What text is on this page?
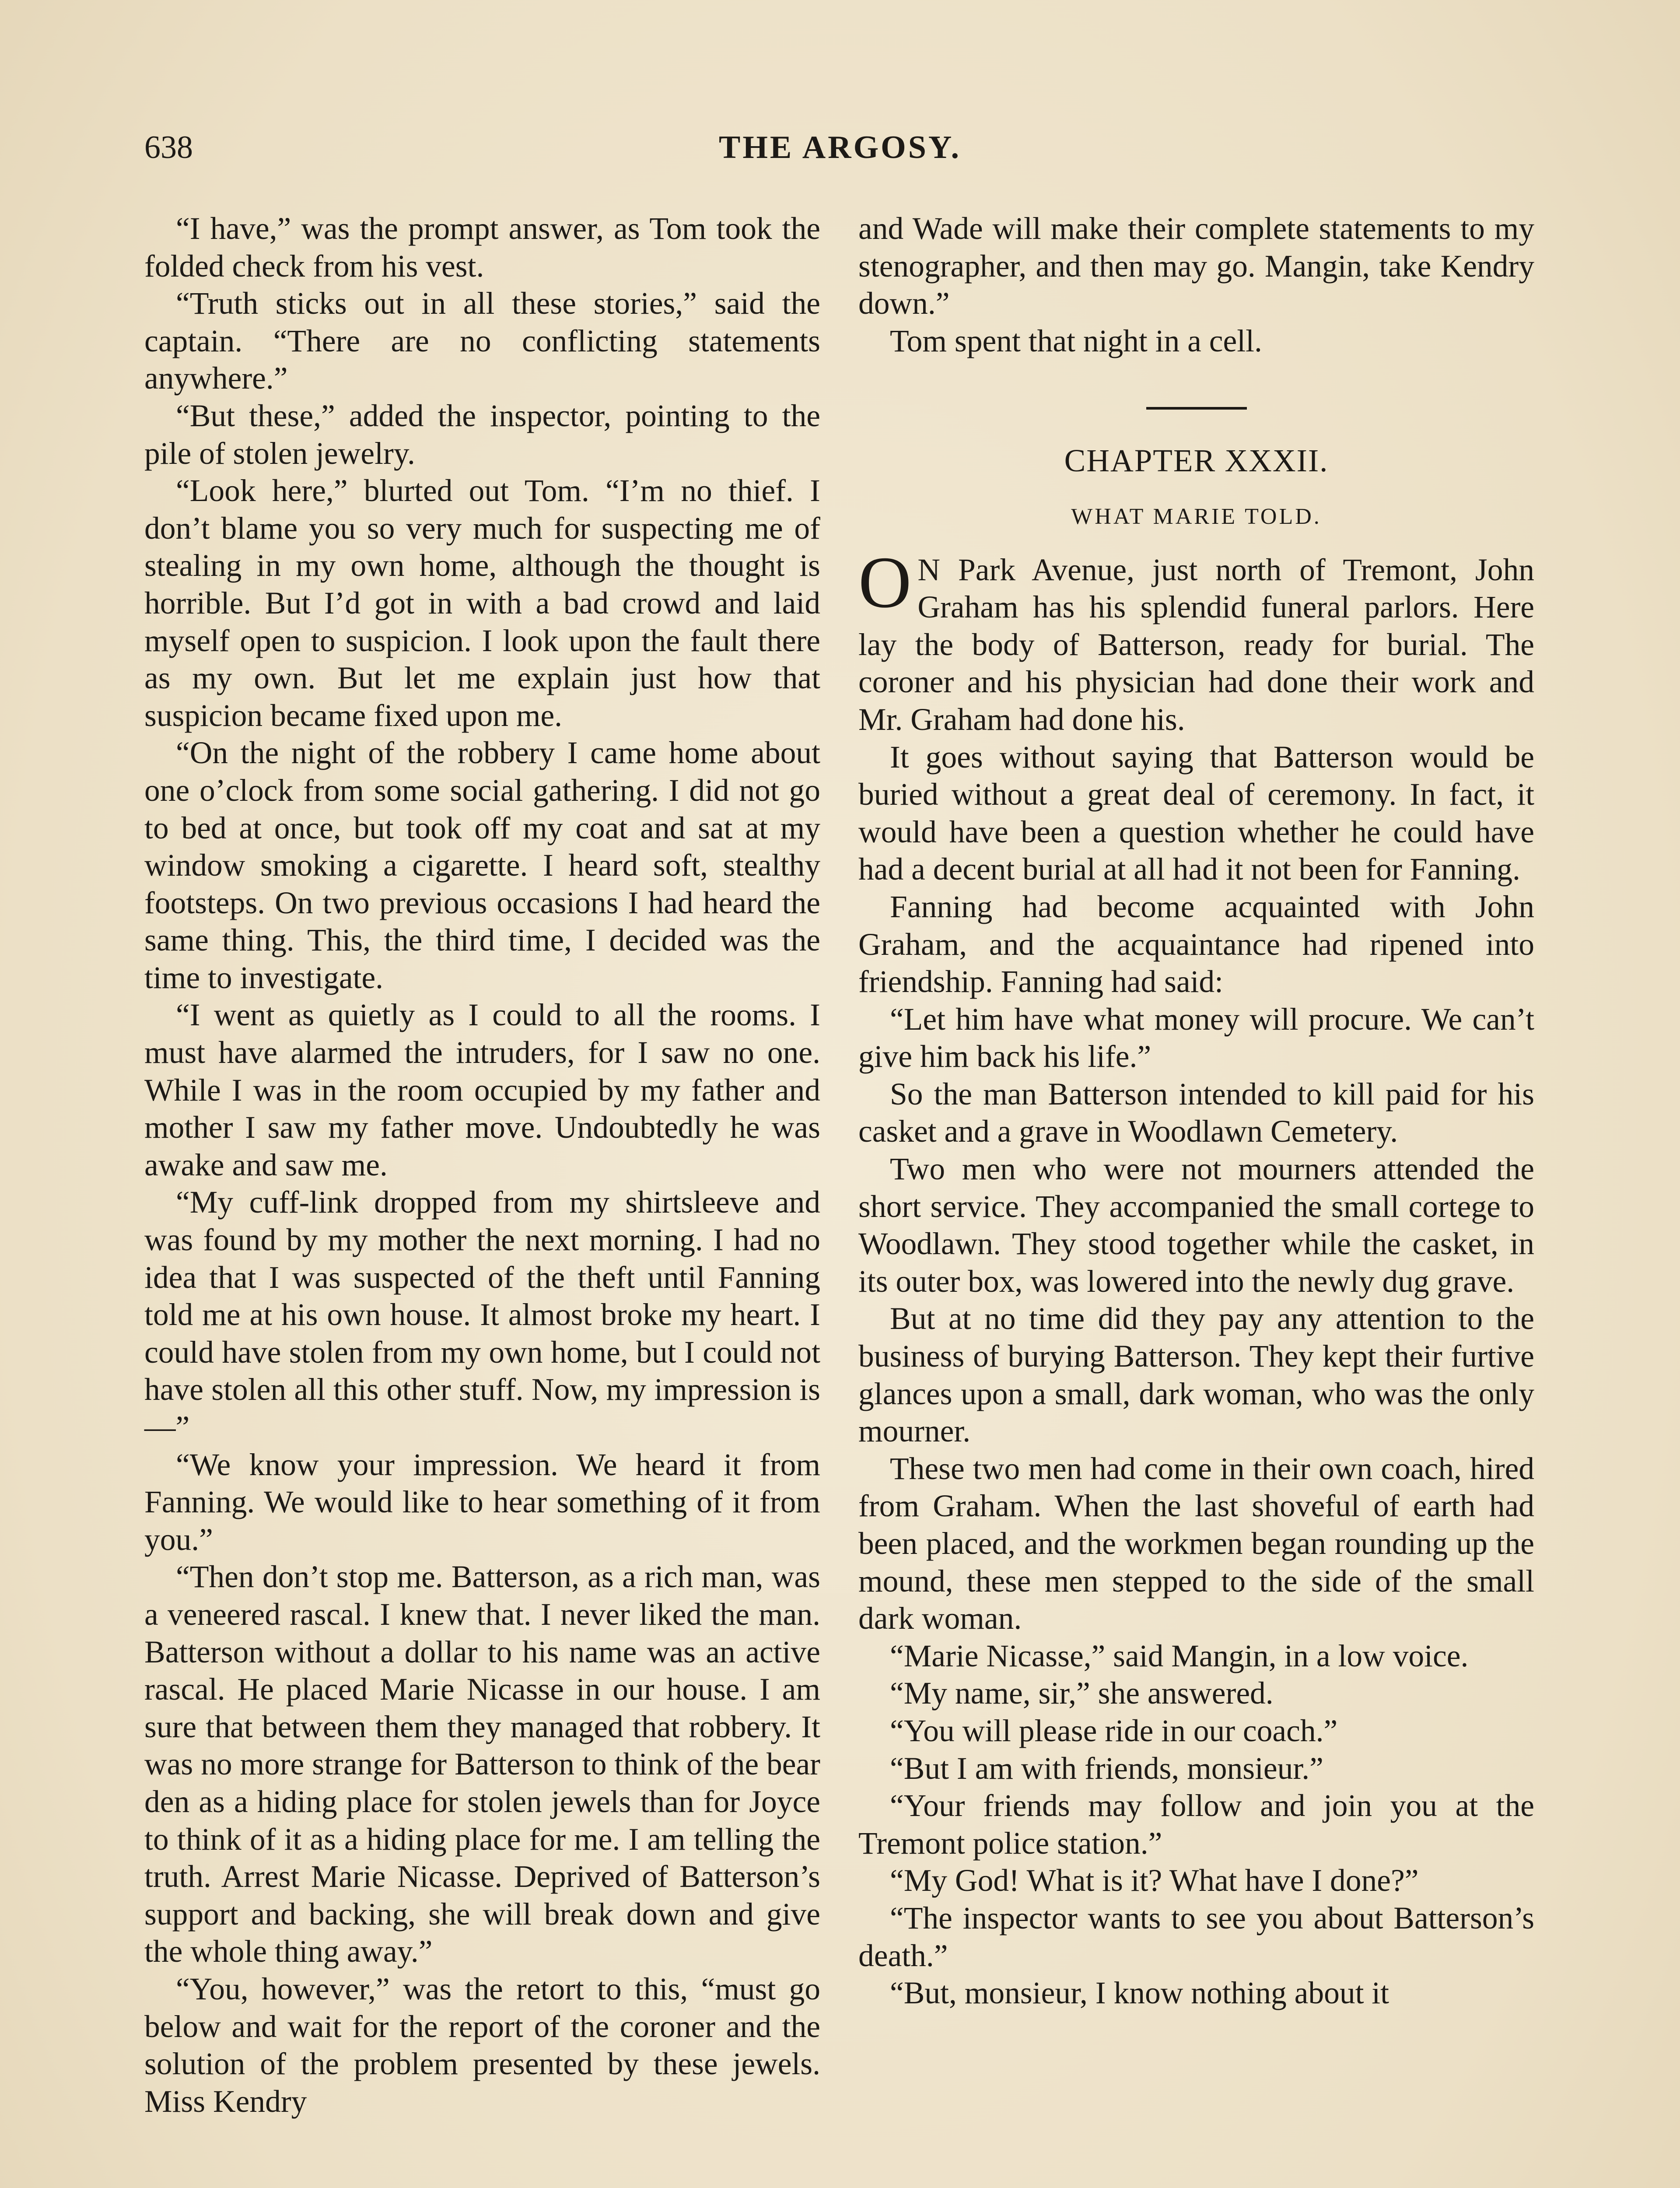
638	THE ARGOSY.

“I have,” was the prompt answer, as Tom took the folded check from his vest.

“Truth sticks out in all these stories,” said the captain. “There are no conflicting statements anywhere.”

“But these,” added the inspector, pointing to the pile of stolen jewelry.

“Look here,” blurted out Tom. “I’m no thief. I don’t blame you so very much for suspecting me of stealing in my own home, although the thought is horrible. But I’d got in with a bad crowd and laid myself open to suspicion. I look upon the fault there as my own. But let me explain just how that suspicion became fixed upon me.

“On the night of the robbery I came home about one o’clock from some social gathering. I did not go to bed at once, but took off my coat and sat at my window smoking a cigarette. I heard soft, stealthy footsteps. On two previous occasions I had heard the same thing. This, the third time, I decided was the time to investigate.

“I went as quietly as I could to all the rooms. I must have alarmed the intruders, for I saw no one. While I was in the room occupied by my father and mother I saw my father move. Undoubtedly he was awake and saw me.

“My cuff-link dropped from my shirtsleeve and was found by my mother the next morning. I had no idea that I was suspected of the theft until Fanning told me at his own house. It almost broke my heart. I could have stolen from my own home, but I could not have stolen all this other stuff. Now, my impression is—”

“We know your impression. We heard it from Fanning. We would like to hear something of it from you.”

“Then don’t stop me. Batterson, as a rich man, was a veneered rascal. I knew that. I never liked the man. Batterson without a dollar to his name was an active rascal. He placed Marie Nicasse in our house. I am sure that between them they managed that robbery. It was no more strange for Batterson to think of the bear den as a hiding place for stolen jewels than for Joyce to think of it as a hiding place for me. I am telling the truth. Arrest Marie Nicasse. Deprived of Batterson’s support and backing, she will break down and give the whole thing away.”

“You, however,” was the retort to this, “must go below and wait for the report of the coroner and the solution of the problem presented by these jewels. Miss Kendry

and Wade will make their complete statements to my stenographer, and then may go. Mangin, take Kendry down.”

Tom spent that night in a cell.

CHAPTER XXXII.
WHAT MARIE TOLD.

O N Park Avenue, just north of Tremont, John Graham has his splendid funeral parlors. Here lay the body of Batterson, ready for burial. The coroner and his physician had done their work and Mr. Graham had done his.

It goes without saying that Batterson would be buried without a great deal of ceremony. In fact, it would have been a question whether he could have had a decent burial at all had it not been for Fanning.

Fanning had become acquainted with John Graham, and the acquaintance had ripened into friendship. Fanning had said:

“Let him have what money will procure. We can’t give him back his life.”

So the man Batterson intended to kill paid for his casket and a grave in Woodlawn Cemetery.

Two men who were not mourners attended the short service. They accompanied the small cortege to Woodlawn. They stood together while the casket, in its outer box, was lowered into the newly dug grave.

But at no time did they pay any attention to the business of burying Batterson. They kept their furtive glances upon a small, dark woman, who was the only mourner.

These two men had come in their own coach, hired from Graham. When the last shoveful of earth had been placed, and the workmen began rounding up the mound, these men stepped to the side of the small dark woman.

“Marie Nicasse,” said Mangin, in a low voice.

“My name, sir,” she answered.

“You will please ride in our coach.”

“But I am with friends, monsieur.”

“Your friends may follow and join you at the Tremont police station.”

“My God! What is it? What have I done?”

“The inspector wants to see you about Batterson’s death.”

“But, monsieur, I know nothing about it
